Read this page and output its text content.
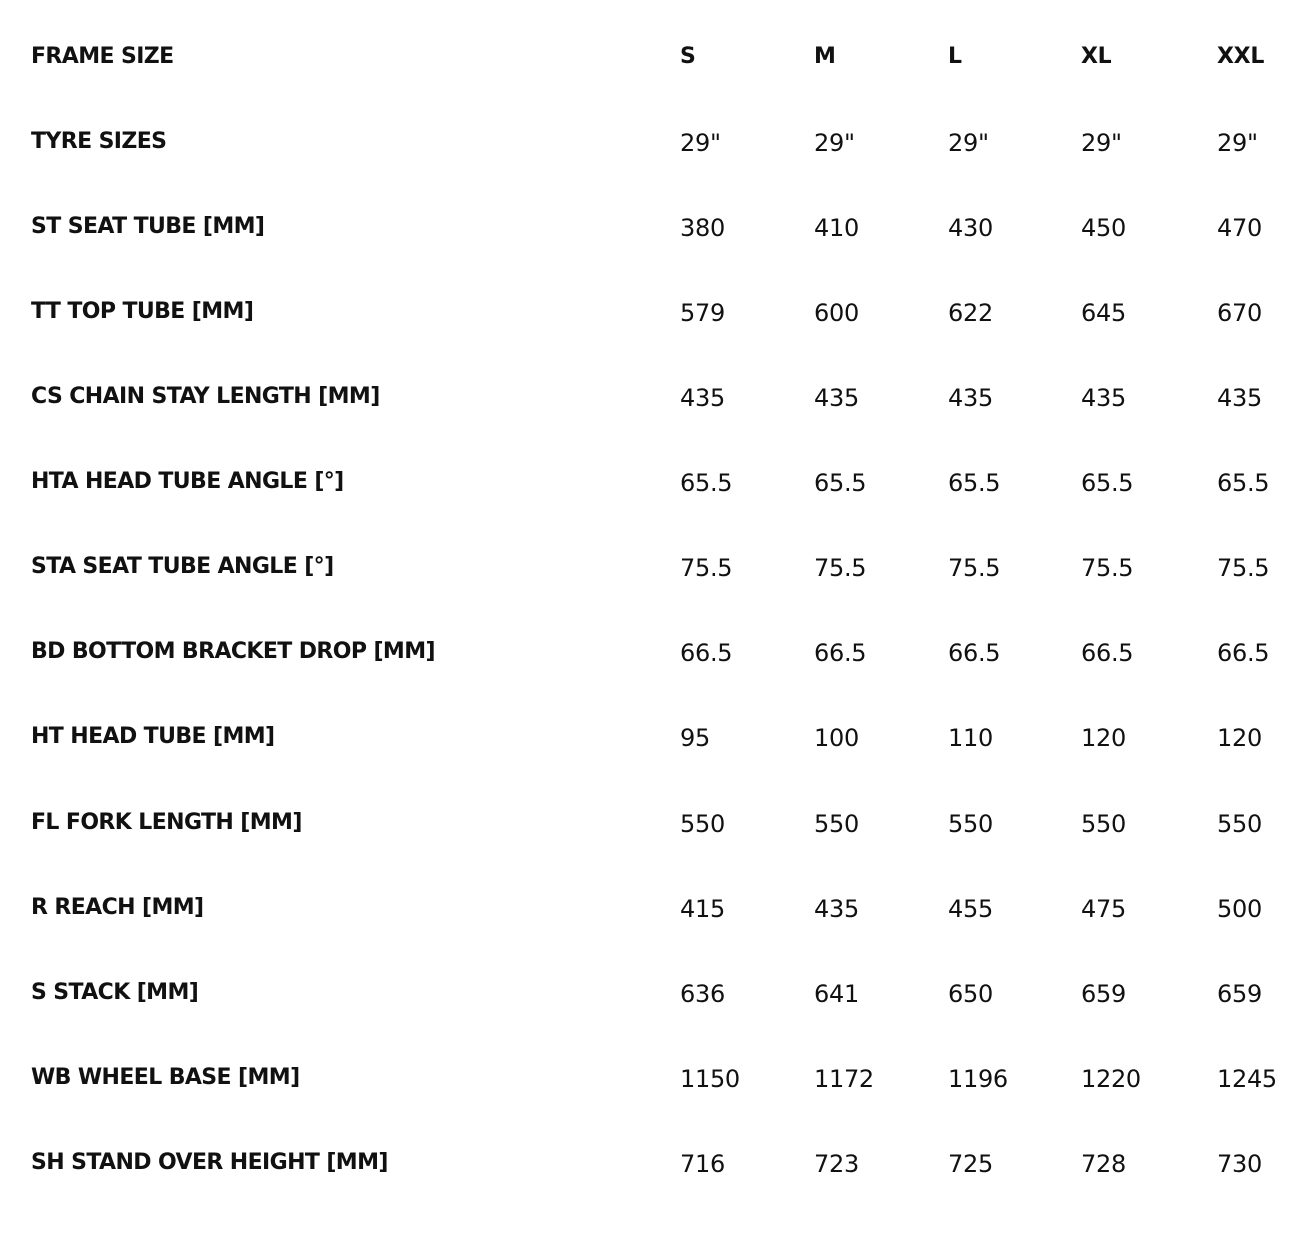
FRAME SIZE	S	M	L	XL	XXL
TYRE SIZES	29"	29"	29"	29"	29"
ST SEAT TUBE [MM]	380	410	430	450	470
TT TOP TUBE [MM]	579	600	622	645	670
CS CHAIN STAY LENGTH [MM]	435	435	435	435	435
HTA HEAD TUBE ANGLE [°]	65.5	65.5	65.5	65.5	65.5
STA SEAT TUBE ANGLE [°]	75.5	75.5	75.5	75.5	75.5
BD BOTTOM BRACKET DROP [MM]	66.5	66.5	66.5	66.5	66.5
HT HEAD TUBE [MM]	95	100	110	120	120
FL FORK LENGTH [MM]	550	550	550	550	550
R REACH [MM]	415	435	455	475	500
S STACK [MM]	636	641	650	659	659
WB WHEEL BASE [MM]	1150	1172	1196	1220	1245
SH STAND OVER HEIGHT [MM]	716	723	725	728	730
